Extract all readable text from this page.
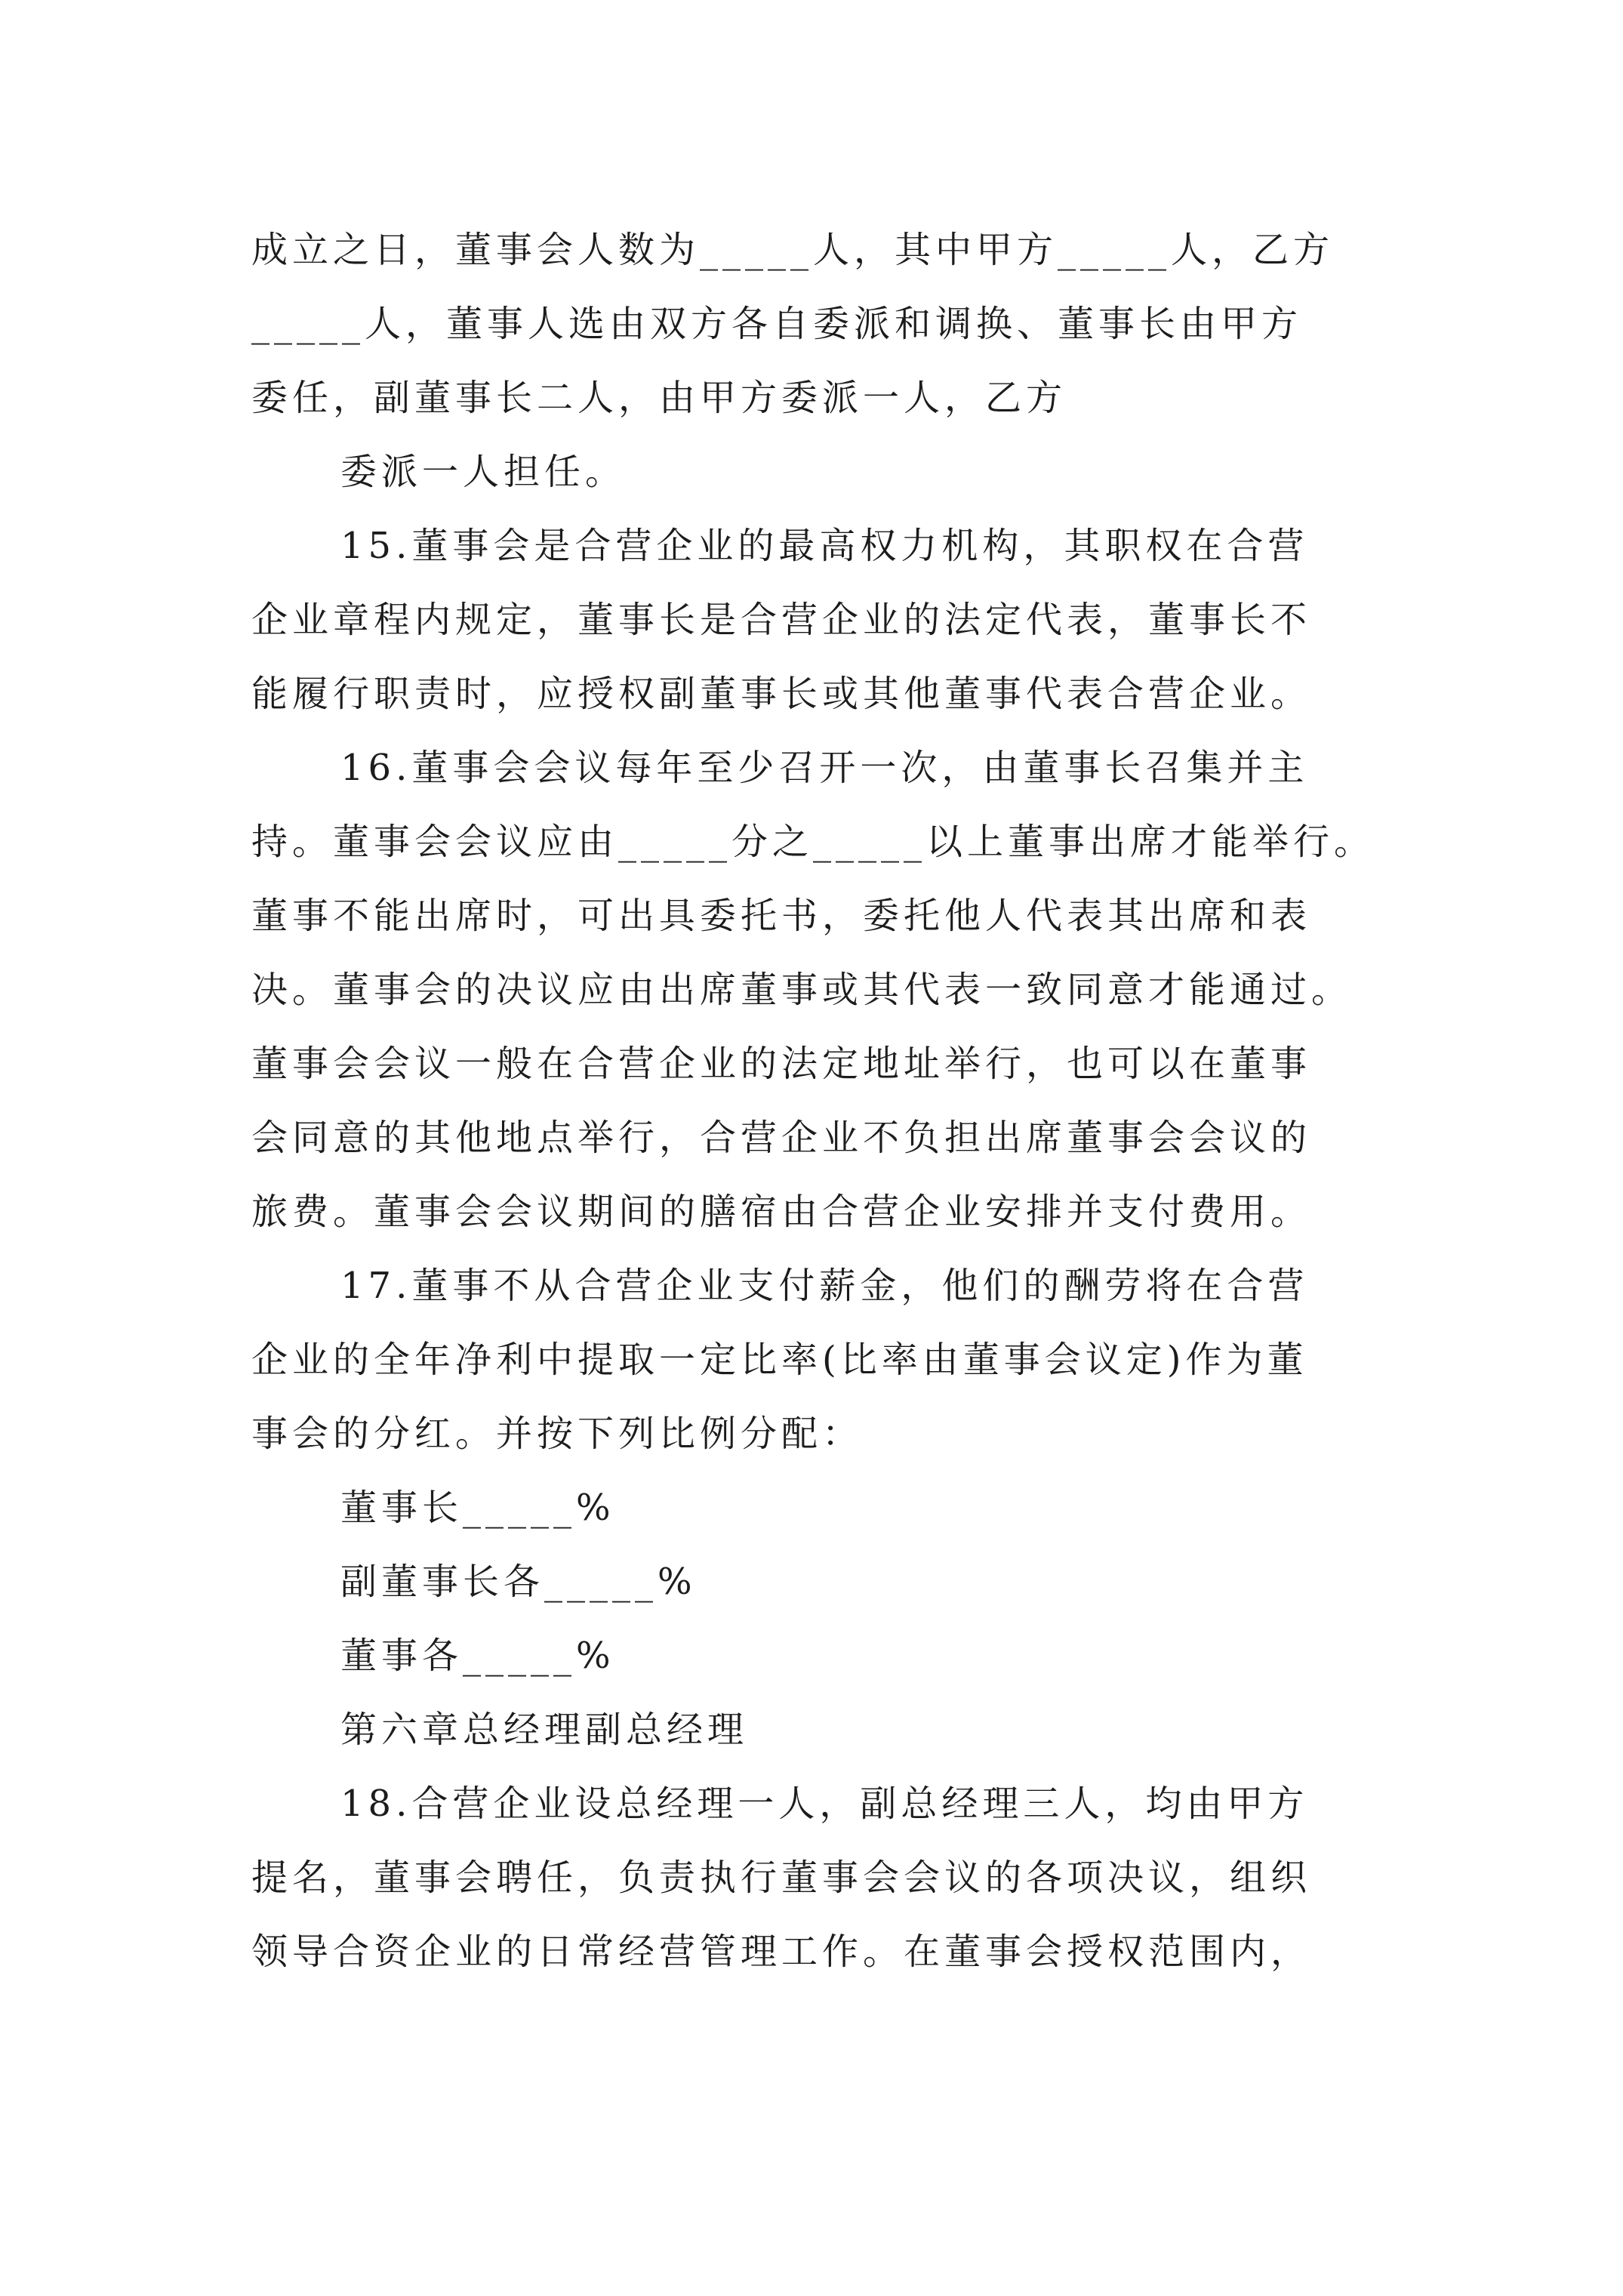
成立之日，董事会人数为_____人，其中甲方_____人，乙方
_____人，董事人选由双方各自委派和调换、董事长由甲方
委任，副董事长二人，由甲方委派一人，乙方
委派一人担任。
15.董事会是合营企业的最高权力机构，其职权在合营
企业章程内规定，董事长是合营企业的法定代表，董事长不
能履行职责时，应授权副董事长或其他董事代表合营企业。
16.董事会会议每年至少召开一次，由董事长召集并主
持。董事会会议应由_____分之_____以上董事出席才能举行。
董事不能出席时，可出具委托书，委托他人代表其出席和表
决。董事会的决议应由出席董事或其代表一致同意才能通过。
董事会会议一般在合营企业的法定地址举行，也可以在董事
会同意的其他地点举行，合营企业不负担出席董事会会议的
旅费。董事会会议期间的膳宿由合营企业安排并支付费用。
17.董事不从合营企业支付薪金，他们的酬劳将在合营
企业的全年净利中提取一定比率(比率由董事会议定)作为董
事会的分红。并按下列比例分配：
董事长_____%
副董事长各_____%
董事各_____%
第六章总经理副总经理
18.合营企业设总经理一人，副总经理三人，均由甲方
提名，董事会聘任，负责执行董事会会议的各项决议，组织
领导合资企业的日常经营管理工作。在董事会授权范围内，
